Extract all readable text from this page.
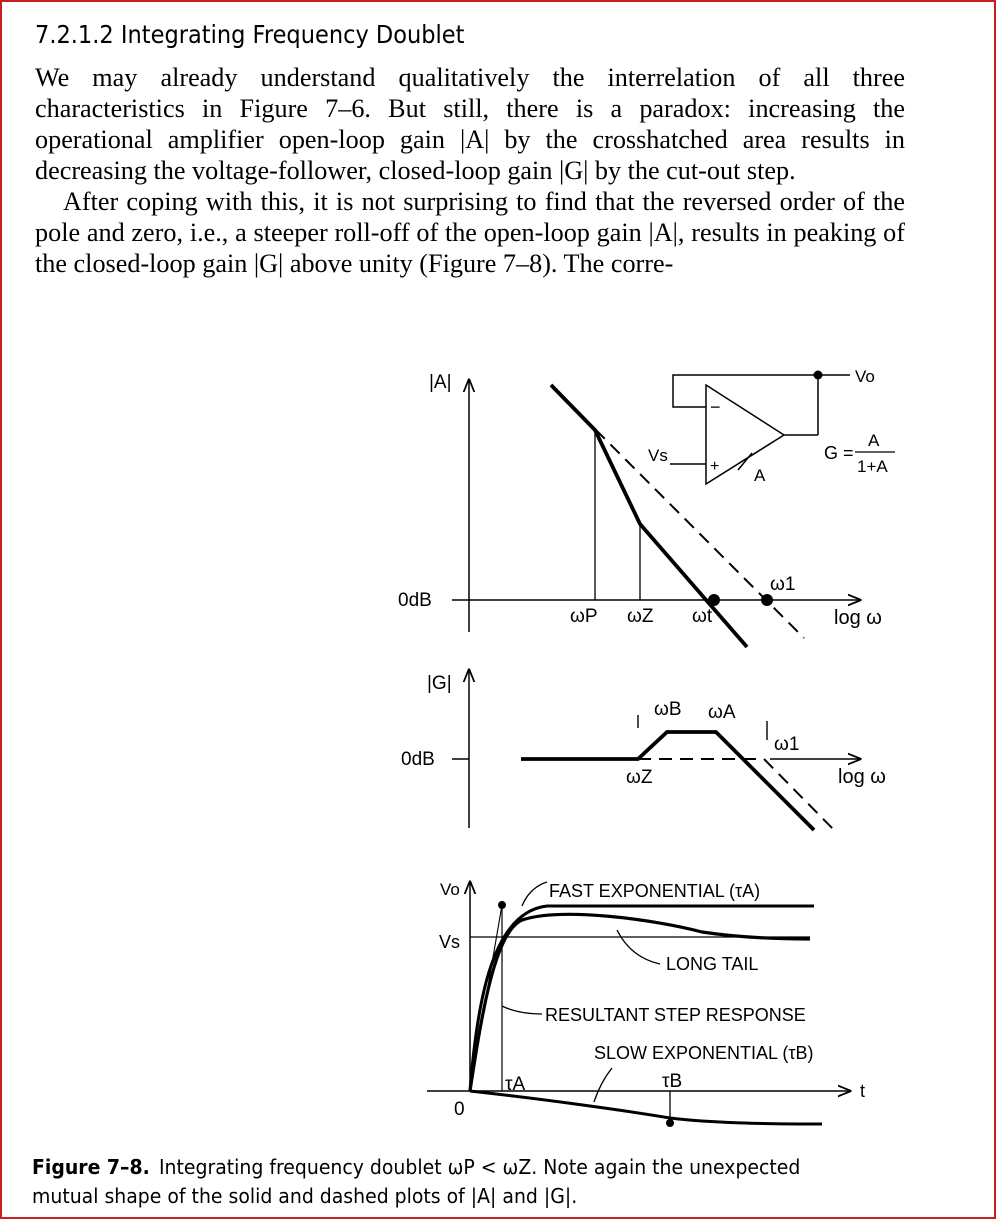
7.2.1.2 Integrating Frequency Doublet

We may already understand qualitatively the interrelation of all three characteristics in Figure 7–6. But still, there is a paradox: increasing the operational amplifier open-loop gain |A| by the crosshatched area results in decreasing the voltage-follower, closed-loop gain |G| by the cut-out step.

After coping with this, it is not surprising to find that the reversed order of the pole and zero, i.e., a steeper roll-off of the open-loop gain |A|, results in peaking of the closed-loop gain |G| above unity (Figure 7–8). The corre-

|A|
0dB
log ω
ωP ωZ ωt
ω1
−
+
Vs
Vo
A
G =
A
1+A
|G|
0dB
log ω
ωB ωA
ω1
ωZ
Vo
Vs
0
t
τA	τB
FAST EXPONENTIAL (τA)
LONG TAIL
RESULTANT STEP RESPONSE
SLOW EXPONENTIAL (τB)
Figure 7–8. Integrating frequency doublet ωP < ωZ. Note again the unexpected mutual shape of the solid and dashed plots of |A| and |G|.
